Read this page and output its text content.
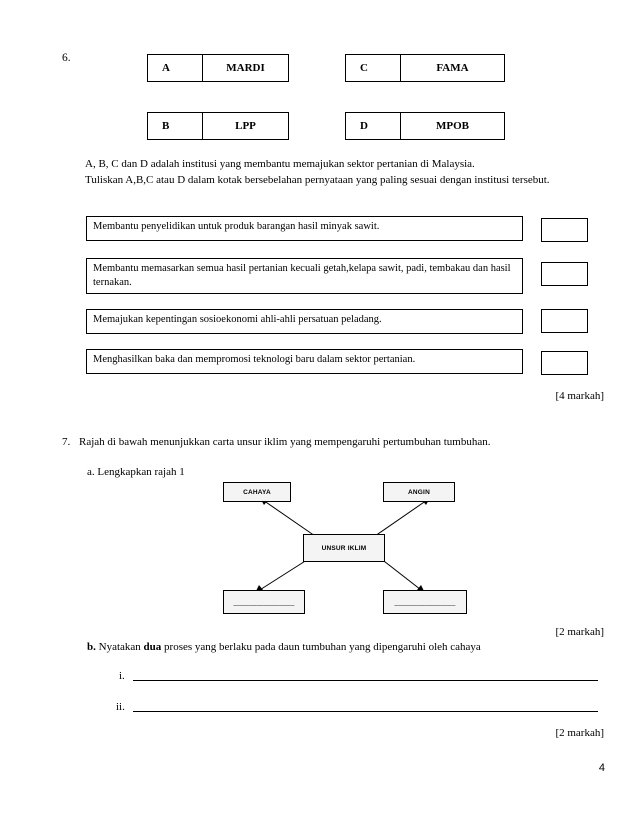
6.
A	MARDI
B	LPP
C	FAMA
D	MPOB
A, B, C dan D adalah institusi yang membantu memajukan sektor pertanian di Malaysia.
Tuliskan A,B,C atau D dalam kotak bersebelahan pernyataan yang paling sesuai dengan institusi tersebut.
Membantu penyelidikan untuk produk barangan hasil minyak sawit.
Membantu memasarkan semua hasil pertanian kecuali getah,kelapa sawit, padi, tembakau dan hasil ternakan.
Memajukan kepentingan sosioekonomi ahli-ahli persatuan peladang.
Menghasilkan baka dan mempromosi teknologi baru dalam sektor pertanian.
[4 markah]
7. Rajah di bawah menunjukkan carta unsur iklim yang mempengaruhi pertumbuhan tumbuhan.
a. Lengkapkan rajah 1
CAHAYA	ANGIN
UNSUR IKLIM
________________	________________
[2 markah]
b. Nyatakan dua proses yang berlaku pada daun tumbuhan yang dipengaruhi oleh cahaya
i.
ii.
[2 markah]
4
